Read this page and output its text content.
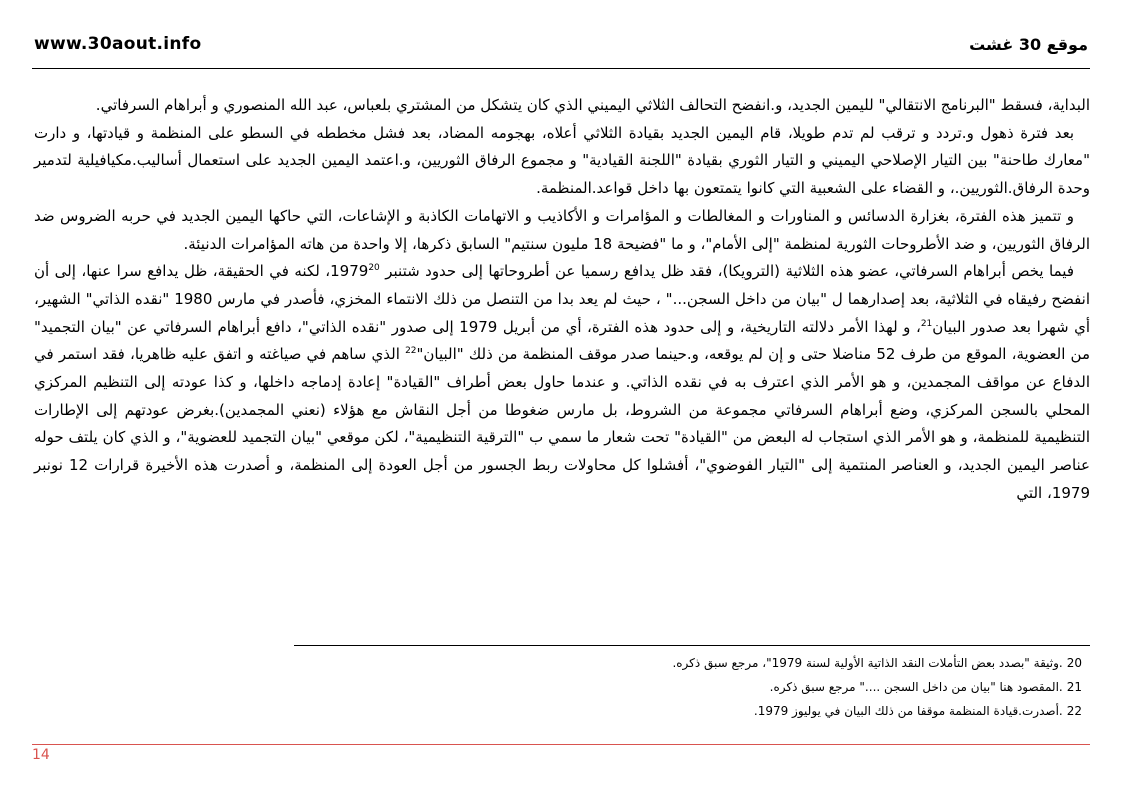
www.30aout.info	موقع 30 غشت

البداية، فسقط "البرنامج الانتقالي" لليمين الجديد، و.انفضح التحالف الثلاثي اليميني الذي كان يتشكل من المشتري بلعباس، عبد الله المنصوري و أبراهام السرفاتي.

بعد فترة ذهول و.تردد و ترقب لم تدم طويلا، قام اليمين الجديد بقيادة الثلاثي أعلاه، بهجومه المضاد، بعد فشل مخططه في السطو على المنظمة و قيادتها، و دارت "معارك طاحنة" بين التيار الإصلاحي اليميني و التيار الثوري بقيادة "اللجنة القيادية" و مجموع الرفاق الثوريين، و.اعتمد اليمين الجديد على استعمال أساليب.مكيافيلية لتدمير وحدة الرفاق.الثوريين.، و القضاء على الشعبية التي كانوا يتمتعون بها داخل قواعد.المنظمة.

و تتميز هذه الفترة، بغزارة الدسائس و المناورات و المغالطات و المؤامرات و الأكاذيب و الاتهامات الكاذبة و الإشاعات، التي حاكها اليمين الجديد في حربه الضروس ضد الرفاق الثوريين، و ضد الأطروحات الثورية لمنظمة "إلى الأمام"، و ما "فضيحة 18 مليون سنتيم" السابق ذكرها، إلا واحدة من هاته المؤامرات الدنيئة.

فيما يخص أبراهام السرفاتي، عضو هذه الثلاثية (الترويكا)، فقد ظل يدافع رسميا عن أطروحاتها إلى حدود شتنبر 1979$^{20}$، لكنه في الحقيقة، ظل يدافع سرا عنها، إلى أن انفضح رفيقاه في الثلاثية، بعد إصدارهما ل "بيان من داخل السجن..." ، حيث لم يعد بدا من التنصل من ذلك الانتماء المخزي، فأصدر في مارس 1980 "نقده الذاتي" الشهير، أي شهرا بعد صدور البيان$^{21}$، و لهذا الأمر دلالته التاريخية، و إلى حدود هذه الفترة، أي من أبريل 1979 إلى صدور "نقده الذاتي"، دافع أبراهام السرفاتي عن "بيان التجميد" من العضوية، الموقع من طرف 52 مناضلا حتى و إن لم يوقعه، و.حينما صدر موقف المنظمة من ذلك "البيان"$^{22}$ الذي ساهم في صياغته و اتفق عليه ظاهريا، فقد استمر في الدفاع عن مواقف المجمدين، و هو الأمر الذي اعترف به في نقده الذاتي. و عندما حاول بعض أطراف "القيادة" إعادة إدماجه داخلها، و كذا عودته إلى التنظيم المركزي المحلي بالسجن المركزي، وضع أبراهام السرفاتي مجموعة من الشروط، بل مارس ضغوطا من أجل النقاش مع هؤلاء (نعني المجمدين).بغرض عودتهم إلى الإطارات التنظيمية للمنظمة، و هو الأمر الذي استجاب له البعض من "القيادة" تحت شعار ما سمي ب "الترقية التنظيمية"، لكن موقعي "بيان التجميد للعضوية"، و الذي كان يلتف حوله عناصر اليمين الجديد، و العناصر المنتمية إلى "التيار الفوضوي"، أفشلوا كل محاولات ربط الجسور من أجل العودة إلى المنظمة، و أصدرت هذه الأخيرة قرارات 12 نونبر 1979، التي

20.وثيقة "بصدد بعض التأملات النقد الذاتية الأولية لسنة 1979"، مرجع سبق ذكره.
21.المقصود هنا "بيان من داخل السجن ...." مرجع سبق ذكره.
22.أصدرت.قيادة المنظمة موقفا من ذلك البيان في يوليوز 1979.
14
